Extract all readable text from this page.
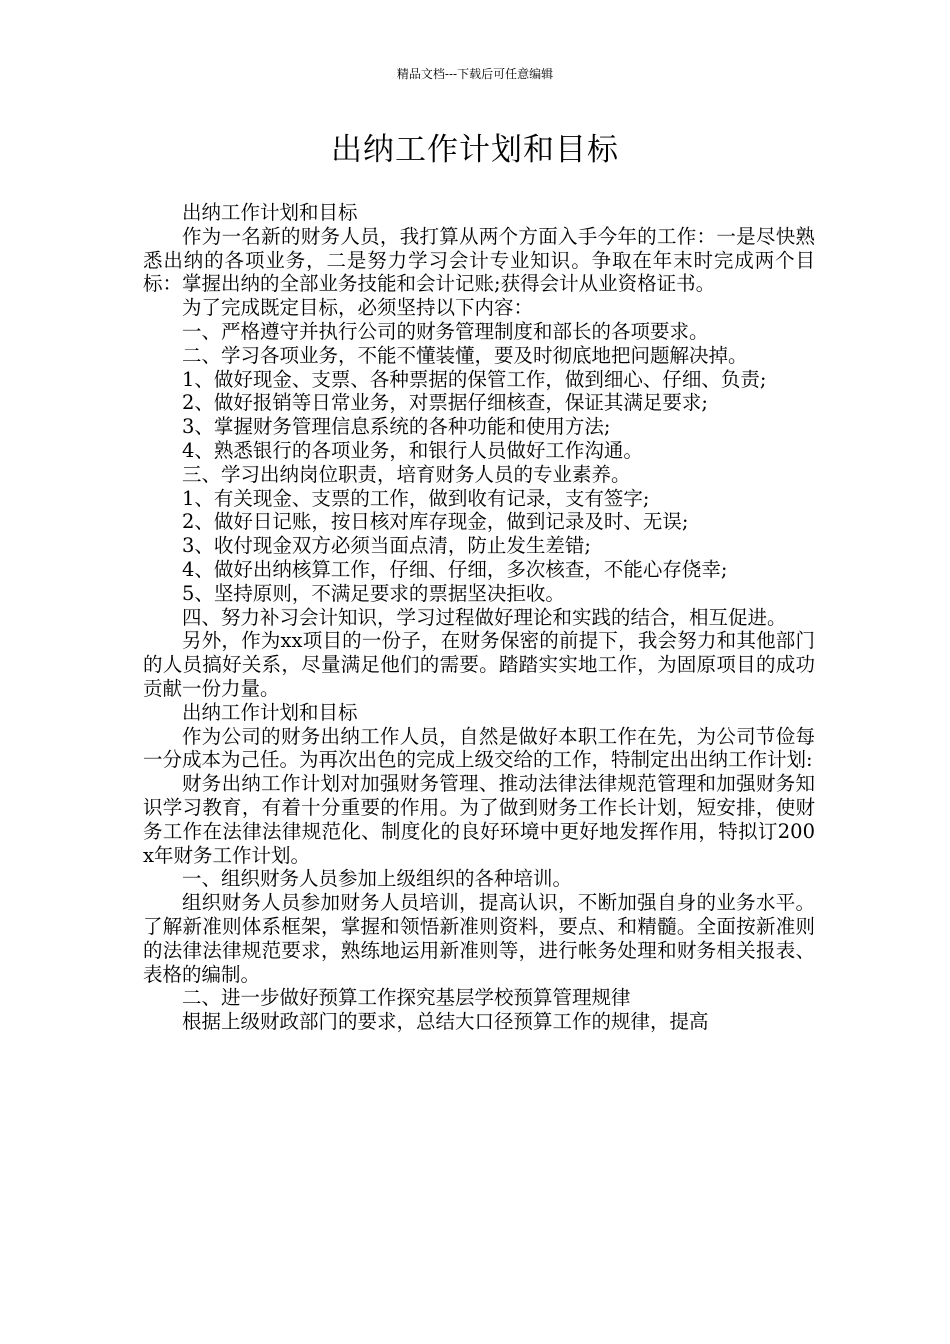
精品文档---下载后可任意编辑
出纳工作计划和目标

出纳工作计划和目标

作为一名新的财务人员，我打算从两个方面入手今年的工作：一是尽快熟悉出纳的各项业务，二是努力学习会计专业知识。争取在年末时完成两个目标：掌握出纳的全部业务技能和会计记账;获得会计从业资格证书。

为了完成既定目标，必须坚持以下内容：

一、严格遵守并执行公司的财务管理制度和部长的各项要求。

二、学习各项业务，不能不懂装懂，要及时彻底地把问题解决掉。

1、做好现金、支票、各种票据的保管工作，做到细心、仔细、负责;

2、做好报销等日常业务，对票据仔细核查，保证其满足要求;

3、掌握财务管理信息系统的各种功能和使用方法;

4、熟悉银行的各项业务，和银行人员做好工作沟通。

三、学习出纳岗位职责，培育财务人员的专业素养。

1、有关现金、支票的工作，做到收有记录，支有签字;

2、做好日记账，按日核对库存现金，做到记录及时、无误;

3、收付现金双方必须当面点清，防止发生差错;

4、做好出纳核算工作，仔细、仔细，多次核查，不能心存侥幸;

5、坚持原则，不满足要求的票据坚决拒收。

四、努力补习会计知识，学习过程做好理论和实践的结合，相互促进。

另外，作为xx项目的一份子，在财务保密的前提下，我会努力和其他部门的人员搞好关系，尽量满足他们的需要。踏踏实实地工作，为固原项目的成功贡献一份力量。

出纳工作计划和目标

作为公司的财务出纳工作人员，自然是做好本职工作在先，为公司节俭每一分成本为己任。为再次出色的完成上级交给的工作，特制定出出纳工作计划:

财务出纳工作计划对加强财务管理、推动法律法律规范管理和加强财务知识学习教育，有着十分重要的作用。为了做到财务工作长计划，短安排，使财务工作在法律法律规范化、制度化的良好环境中更好地发挥作用，特拟订200x年财务工作计划。

一、组织财务人员参加上级组织的各种培训。

组织财务人员参加财务人员培训，提高认识，不断加强自身的业务水平。了解新准则体系框架，掌握和领悟新准则资料，要点、和精髓。全面按新准则的法律法律规范要求，熟练地运用新准则等，进行帐务处理和财务相关报表、表格的编制。

二、进一步做好预算工作探究基层学校预算管理规律

根据上级财政部门的要求，总结大口径预算工作的规律，提高
